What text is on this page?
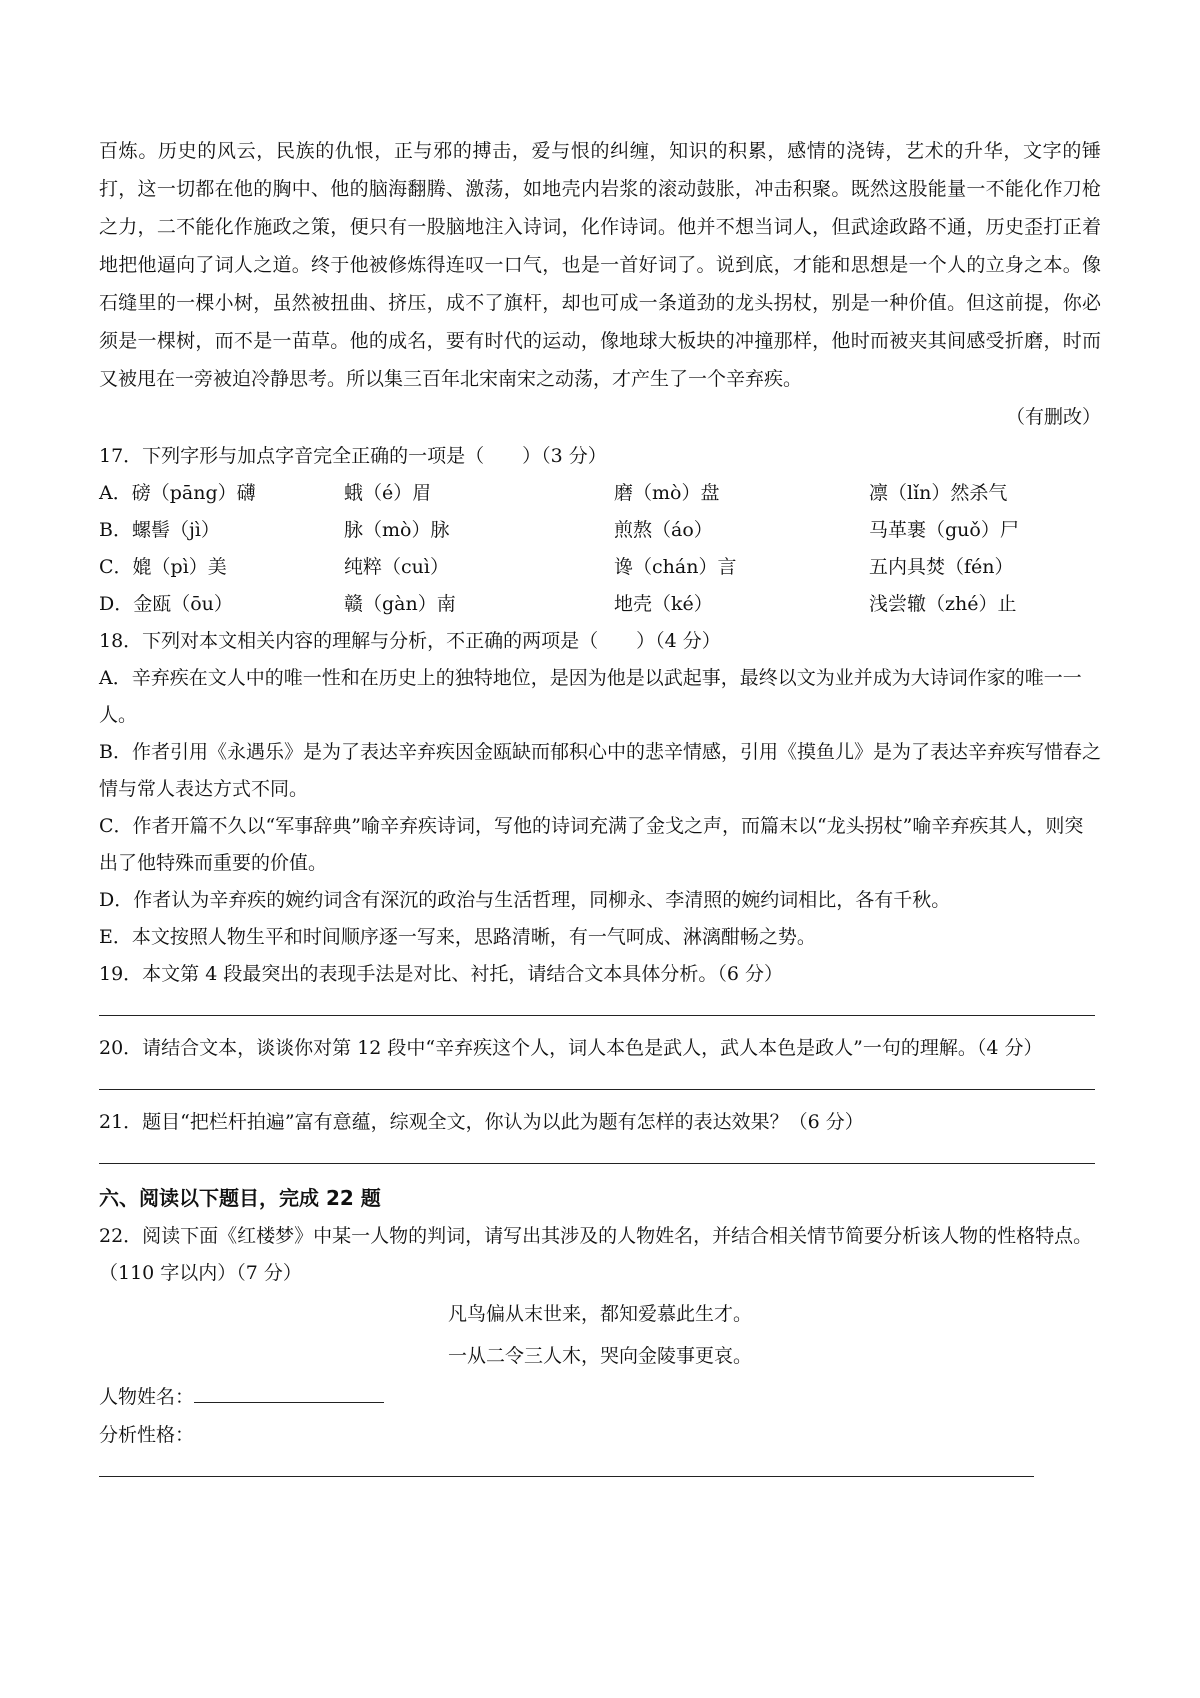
百炼。历史的风云，民族的仇恨，正与邪的搏击，爱与恨的纠缠，知识的积累，感情的浇铸，艺术的升华，文字的锤打，这一切都在他的胸中、他的脑海翻腾、激荡，如地壳内岩浆的滚动鼓胀，冲击积聚。既然这股能量一不能化作刀枪之力，二不能化作施政之策，便只有一股脑地注入诗词，化作诗词。他并不想当词人，但武途政路不通，历史歪打正着地把他逼向了词人之道。终于他被修炼得连叹一口气，也是一首好词了。说到底，才能和思想是一个人的立身之本。像石缝里的一棵小树，虽然被扭曲、挤压，成不了旗杆，却也可成一条道劲的龙头拐杖，别是一种价值。但这前提，你必须是一棵树，而不是一苗草。他的成名，要有时代的运动，像地球大板块的冲撞那样，他时而被夹其间感受折磨，时而又被甩在一旁被迫冷静思考。所以集三百年北宋南宋之动荡，才产生了一个辛弃疾。

（有删改）

17．下列字形与加点字音完全正确的一项是（　　）（3 分）

A．磅（pāng）礴	蛾（é）眉	磨（mò）盘	凛（lǐn）然杀气
B．螺髻（jì）	脉（mò）脉	煎熬（áo）	马革裹（guǒ）尸
C．媲（pì）美	纯粹（cuì）	谗（chán）言	五内具焚（fén）
D．金瓯（ōu）	赣（gàn）南	地壳（ké）	浅尝辙（zhé）止

18．下列对本文相关内容的理解与分析，不正确的两项是（　　）（4 分）

A．辛弃疾在文人中的唯一性和在历史上的独特地位，是因为他是以武起事，最终以文为业并成为大诗词作家的唯一一人。

B．作者引用《永遇乐》是为了表达辛弃疾因金瓯缺而郁积心中的悲辛情感，引用《摸鱼儿》是为了表达辛弃疾写惜春之情与常人表达方式不同。

C．作者开篇不久以“军事辞典”喻辛弃疾诗词，写他的诗词充满了金戈之声，而篇末以“龙头拐杖”喻辛弃疾其人，则突出了他特殊而重要的价值。

D．作者认为辛弃疾的婉约词含有深沉的政治与生活哲理，同柳永、李清照的婉约词相比，各有千秋。

E．本文按照人物生平和时间顺序逐一写来，思路清晰，有一气呵成、淋漓酣畅之势。

19．本文第 4 段最突出的表现手法是对比、衬托，请结合文本具体分析。（6 分）

20．请结合文本，谈谈你对第 12 段中“辛弃疾这个人，词人本色是武人，武人本色是政人”一句的理解。（4 分）

21．题目“把栏杆拍遍”富有意蕴，综观全文，你认为以此为题有怎样的表达效果？（6 分）

六、阅读以下题目，完成 22 题

22．阅读下面《红楼梦》中某一人物的判词，请写出其涉及的人物姓名，并结合相关情节简要分析该人物的性格特点。（110 字以内）（7 分）

凡鸟偏从末世来，都知爱慕此生才。
一从二令三人木，哭向金陵事更哀。

人物姓名：

分析性格：
